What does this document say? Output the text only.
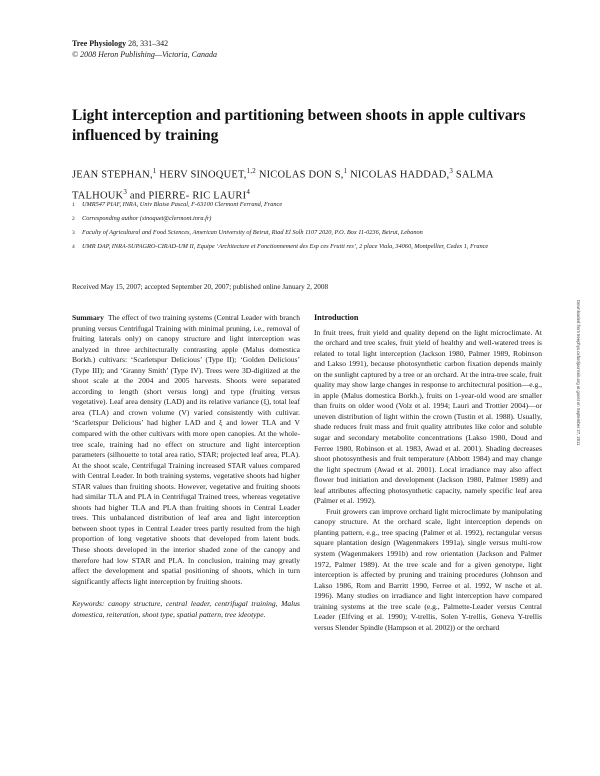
Tree Physiology 28, 331–342
© 2008 Heron Publishing—Victoria, Canada
Light interception and partitioning between shoots in apple cultivars influenced by training
JEAN STEPHAN,$^1$ HERV SINOQUET,$^{1,2}$ NICOLAS DON S,$^1$ NICOLAS HADDAD,$^3$ SALMA
TALHOUK$^3$ and PIERRE- RIC LAURI$^4$
1	UMR547 PIAF, INRA, Univ Blaise Pascal, F-63100 Clermont Ferrand, France
2	Corresponding author (sinoquet@clermont.inra.fr)
3	Faculty of Agricultural and Food Sciences, American University of Beirut, Riad El Solh 1107 2020, P.O. Box 11-0236, Beirut, Lebanon
4	UMR DAP, INRA-SUPAGRO-CIRAD-UM II, Equipe ‘Architecture et Fonctionnement des Esp ces Fruiti res’, 2 place Viala, 34060, Montpellier, Cedex 1, France
Received May 15, 2007; accepted September 20, 2007; published online January 2, 2008

Summary The effect of two training systems (Central Leader with branch pruning versus Centrifugal Training with minimal pruning, i.e., removal of fruiting laterals only) on canopy structure and light interception was analyzed in three architecturally contrasting apple (Malus domestica Borkh.) cultivars: ‘Scarletspur Delicious’ (Type II); ‘Golden Delicious’ (Type III); and ‘Granny Smith’ (Type IV). Trees were 3D-digitized at the shoot scale at the 2004 and 2005 harvests. Shoots were separated according to length (short versus long) and type (fruiting versus vegetative). Leaf area density (LAD) and its relative variance (ξ), total leaf area (TLA) and crown volume (V) varied consistently with cultivar. ‘Scarletspur Delicious’ had higher LAD and ξ and lower TLA and V compared with the other cultivars with more open canopies. At the whole-tree scale, training had no effect on structure and light interception parameters (silhouette to total area ratio, STAR; projected leaf area, PLA). At the shoot scale, Centrifugal Training increased STAR values compared with Central Leader. In both training systems, vegetative shoots had higher STAR values than fruiting shoots. However, vegetative and fruiting shoots had similar TLA and PLA in Centrifugal Trained trees, whereas vegetative shoots had higher TLA and PLA than fruiting shoots in Central Leader trees. This unbalanced distribution of leaf area and light interception between shoot types in Central Leader trees partly resulted from the high proportion of long vegetative shoots that developed from latent buds. These shoots developed in the interior shaded zone of the canopy and therefore had low STAR and PLA. In conclusion, training may greatly affect the development and spatial positioning of shoots, which in turn significantly affects light interception by fruiting shoots.

Keywords: canopy structure, central leader, centrifugal training, Malus domestica, reiteration, shoot type, spatial pattern, tree ideotype.

Introduction

In fruit trees, fruit yield and quality depend on the light microclimate. At the orchard and tree scales, fruit yield of healthy and well-watered trees is related to total light interception (Jackson 1980, Palmer 1989, Robinson and Lakso 1991), because photosynthetic carbon fixation depends mainly on the sunlight captured by a tree or an orchard. At the intra-tree scale, fruit quality may show large changes in response to architectural position—e.g., in apple (Malus domestica Borkh.), fruits on 1-year-old wood are smaller than fruits on older wood (Volz et al. 1994; Lauri and Trottier 2004)—or uneven distribution of light within the crown (Tustin et al. 1988). Usually, shade reduces fruit mass and fruit quality attributes like color and soluble sugar and secondary metabolite concentrations (Lakso 1980, Doud and Ferree 1980, Robinson et al. 1983, Awad et al. 2001). Shading decreases shoot photosynthesis and fruit temperature (Abbott 1984) and may change the light spectrum (Awad et al. 2001). Local irradiance may also affect flower bud initiation and development (Jackson 1980, Palmer 1989) and leaf attributes affecting photosynthetic capacity, namely specific leaf area (Palmer et al. 1992).

Fruit growers can improve orchard light microclimate by manipulating canopy structure. At the orchard scale, light interception depends on planting pattern, e.g., tree spacing (Palmer et al. 1992), rectangular versus square plantation design (Wagenmakers 1991a), single versus multi-row system (Wagenmakers 1991b) and row orientation (Jackson and Palmer 1972, Palmer 1989). At the tree scale and for a given genotype, light interception is affected by pruning and training procedures (Johnson and Lakso 1986, Rom and Barritt 1990, Ferree et al. 1992, W nsche et al. 1996). Many studies on irradiance and light interception have compared training systems at the tree scale (e.g., Palmette-Leader versus Central Leader (Elfving et al. 1990); V-trellis, Solen Y-trellis, Geneva Y-trellis versus Slender Spindle (Hampson et al. 2002)) or the orchard

Downloaded from treephys.oxfordjournals.org at guest on September 27, 2011
